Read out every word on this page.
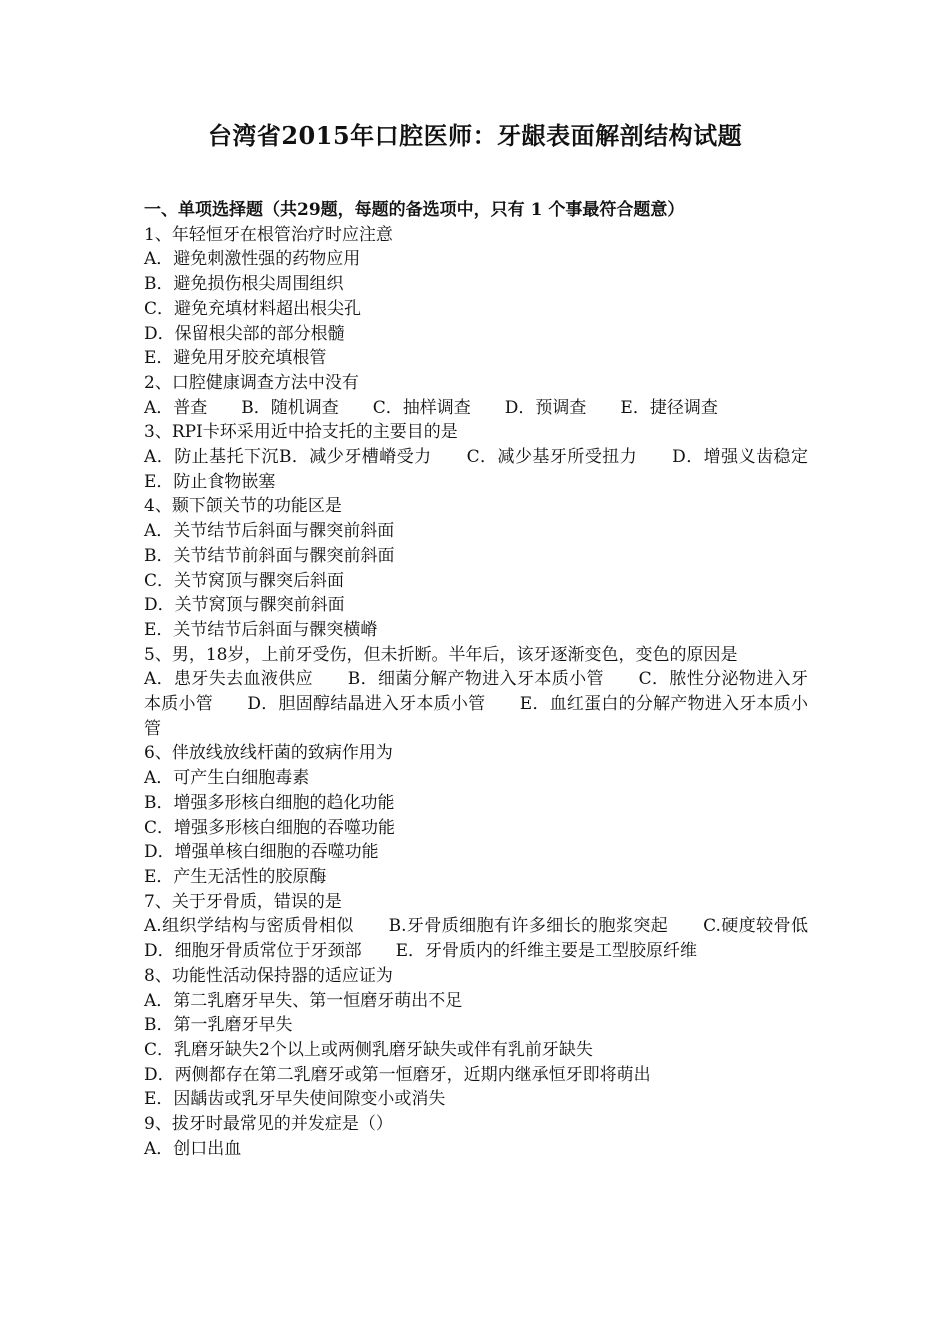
台湾省2015年口腔医师：牙龈表面解剖结构试题
一、单项选择题（共29题，每题的备选项中，只有 1 个事最符合题意）
1、年轻恒牙在根管治疗时应注意
A．避免刺激性强的药物应用
B．避免损伤根尖周围组织
C．避免充填材料超出根尖孔
D．保留根尖部的部分根髓
E．避免用牙胶充填根管
2、口腔健康调查方法中没有
A．普查　　B．随机调查　　C．抽样调查　　D．预调查　　E．捷径调查
3、RPI卡环采用近中拾支托的主要目的是
A．防止基托下沉B．减少牙槽嵴受力　　C．减少基牙所受扭力　　D．增强义齿稳定　E．防止食物嵌塞
4、颞下颌关节的功能区是
A．关节结节后斜面与髁突前斜面
B．关节结节前斜面与髁突前斜面
C．关节窝顶与髁突后斜面
D．关节窝顶与髁突前斜面
E．关节结节后斜面与髁突横嵴
5、男，18岁，上前牙受伤，但未折断。半年后，该牙逐渐变色，变色的原因是
A．患牙失去血液供应　　B．细菌分解产物进入牙本质小管　　C．脓性分泌物进入牙本质小管　　D．胆固醇结晶进入牙本质小管　　E．血红蛋白的分解产物进入牙本质小管
6、伴放线放线杆菌的致病作用为
A．可产生白细胞毒素
B．增强多形核白细胞的趋化功能
C．增强多形核白细胞的吞噬功能
D．增强单核白细胞的吞噬功能
E．产生无活性的胶原酶
7、关于牙骨质，错误的是
A.组织学结构与密质骨相似　　B.牙骨质细胞有许多细长的胞浆突起　　C.硬度较骨低　　D．细胞牙骨质常位于牙颈部　　E．牙骨质内的纤维主要是工型胶原纤维
8、功能性活动保持器的适应证为
A．第二乳磨牙早失、第一恒磨牙萌出不足
B．第一乳磨牙早失
C．乳磨牙缺失2个以上或两侧乳磨牙缺失或伴有乳前牙缺失
D．两侧都存在第二乳磨牙或第一恒磨牙，近期内继承恒牙即将萌出
E．因龋齿或乳牙早失使间隙变小或消失
9、拔牙时最常见的并发症是（）
A．创口出血
